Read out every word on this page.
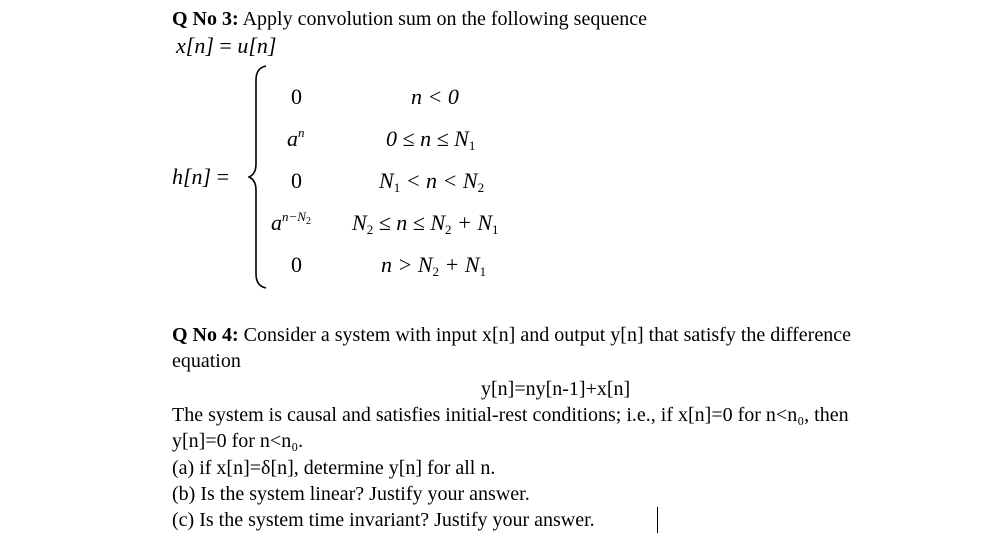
Q No 3: Apply convolution sum on the following sequence
x[n] = u[n]
h[n] =
0
$a^n$
0
$a^{n-N_2}$
0
n < 0
$0 \le n \le N_1$
$N_1 < n < N_2$
$N_2 \le n \le N_2 + N_1$
$n > N_2 + N_1$
Q No 4: Consider a system with input x[n] and output y[n] that satisfy the difference
equation
y[n]=ny[n-1]+x[n]
The system is causal and satisfies initial-rest conditions; i.e., if x[n]=0 for n<n₀, then
y[n]=0 for n<n₀.
(a) if x[n]=δ[n], determine y[n] for all n.
(b) Is the system linear? Justify your answer.
(c) Is the system time invariant? Justify your answer.
